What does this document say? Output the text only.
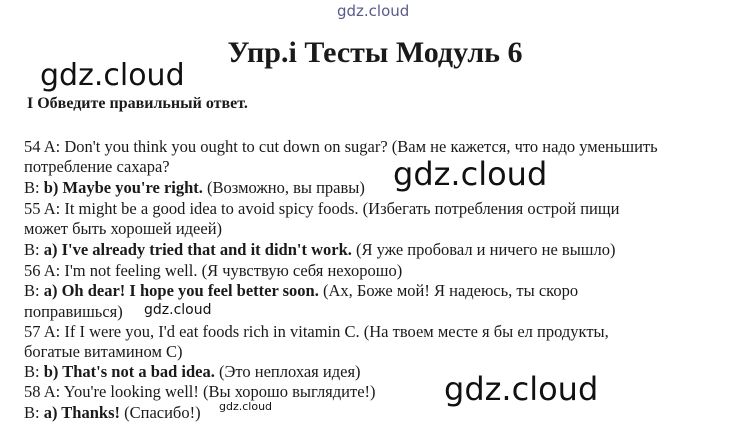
gdz.cloud
Упр.i Тесты Модуль 6
gdz.cloud
I Обведите правильный ответ.
54 A: Don't you think you ought to cut down on sugar? (Вам не кажется, что надо уменьшить
потребление сахара?
B: b) Maybe you're right. (Возможно, вы правы)
55 A: It might be a good idea to avoid spicy foods. (Избегать потребления острой пищи
может быть хорошей идеей)
B: a) I've already tried that and it didn't work. (Я уже пробовал и ничего не вышло)
56 A: I'm not feeling well. (Я чувствую себя нехорошо)
B: a) Oh dear! I hope you feel better soon. (Ах, Боже мой! Я надеюсь, ты скоро
поправишься)
57 A: If I were you, I'd eat foods rich in vitamin C. (На твоем месте я бы ел продукты,
богатые витамином С)
B: b) That's not a bad idea. (Это неплохая идея)
58 A: You're looking well! (Вы хорошо выглядите!)
B: a) Thanks! (Спасибо!)
gdz.cloud
gdz.cloud
gdz.cloud
gdz.cloud
